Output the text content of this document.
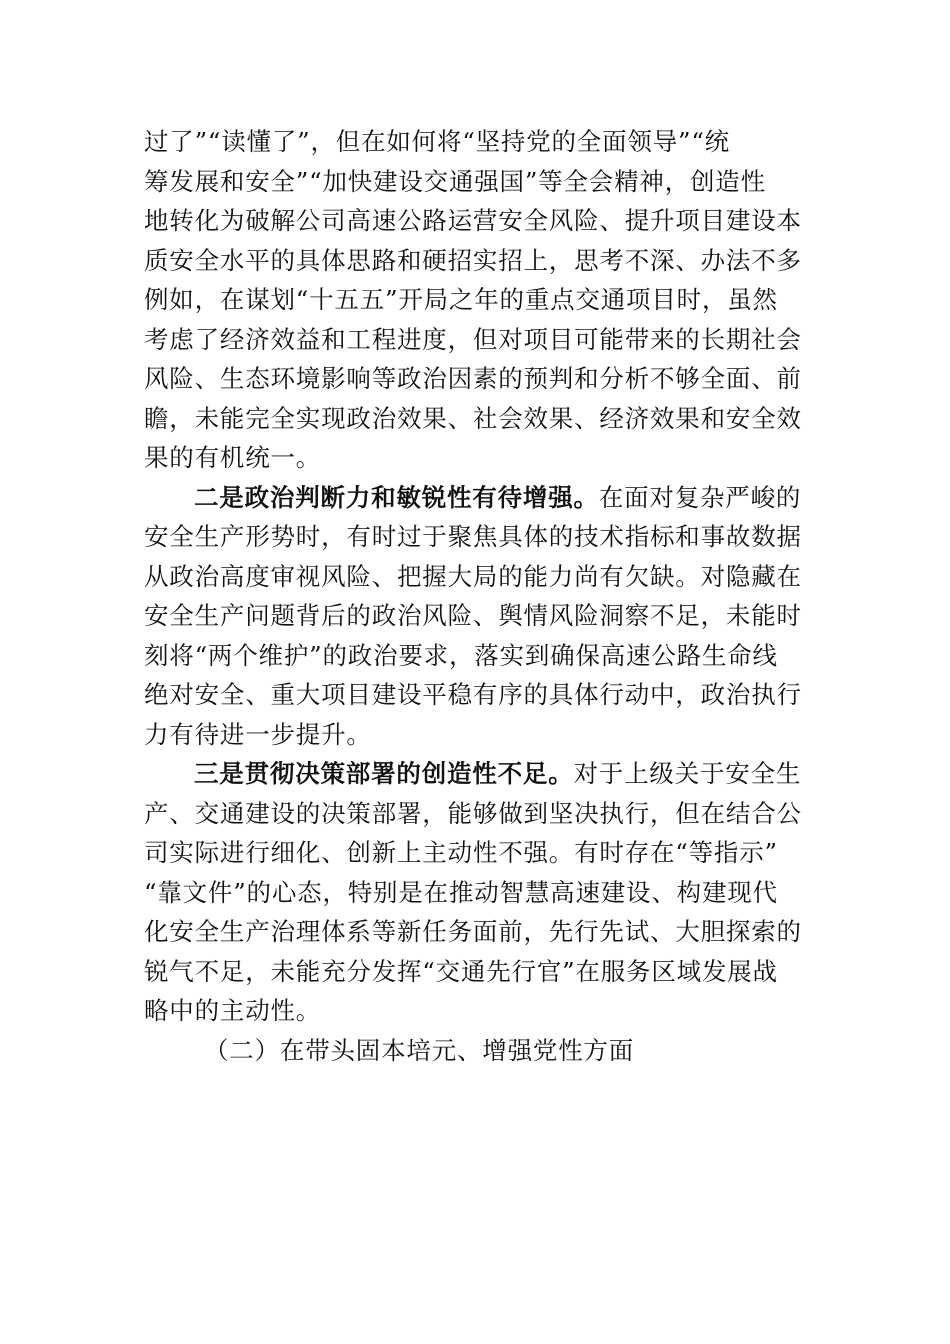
过了”“读懂了”，但在如何将“坚持党的全面领导”“统
筹发展和安全”“加快建设交通强国”等全会精神，创造性
地转化为破解公司高速公路运营安全风险、提升项目建设本
质安全水平的具体思路和硬招实招上，思考不深、办法不多
例如，在谋划“十五五”开局之年的重点交通项目时，虽然
考虑了经济效益和工程进度，但对项目可能带来的长期社会
风险、生态环境影响等政治因素的预判和分析不够全面、前
瞻，未能完全实现政治效果、社会效果、经济效果和安全效
果的有机统一。
二是政治判断力和敏锐性有待增强。在面对复杂严峻的
安全生产形势时，有时过于聚焦具体的技术指标和事故数据
从政治高度审视风险、把握大局的能力尚有欠缺。对隐藏在
安全生产问题背后的政治风险、舆情风险洞察不足，未能时
刻将“两个维护”的政治要求，落实到确保高速公路生命线
绝对安全、重大项目建设平稳有序的具体行动中，政治执行
力有待进一步提升。
三是贯彻决策部署的创造性不足。对于上级关于安全生
产、交通建设的决策部署，能够做到坚决执行，但在结合公
司实际进行细化、创新上主动性不强。有时存在“等指示”
“靠文件”的心态，特别是在推动智慧高速建设、构建现代
化安全生产治理体系等新任务面前，先行先试、大胆探索的
锐气不足，未能充分发挥“交通先行官”在服务区域发展战
略中的主动性。
（二）在带头固本培元、增强党性方面
